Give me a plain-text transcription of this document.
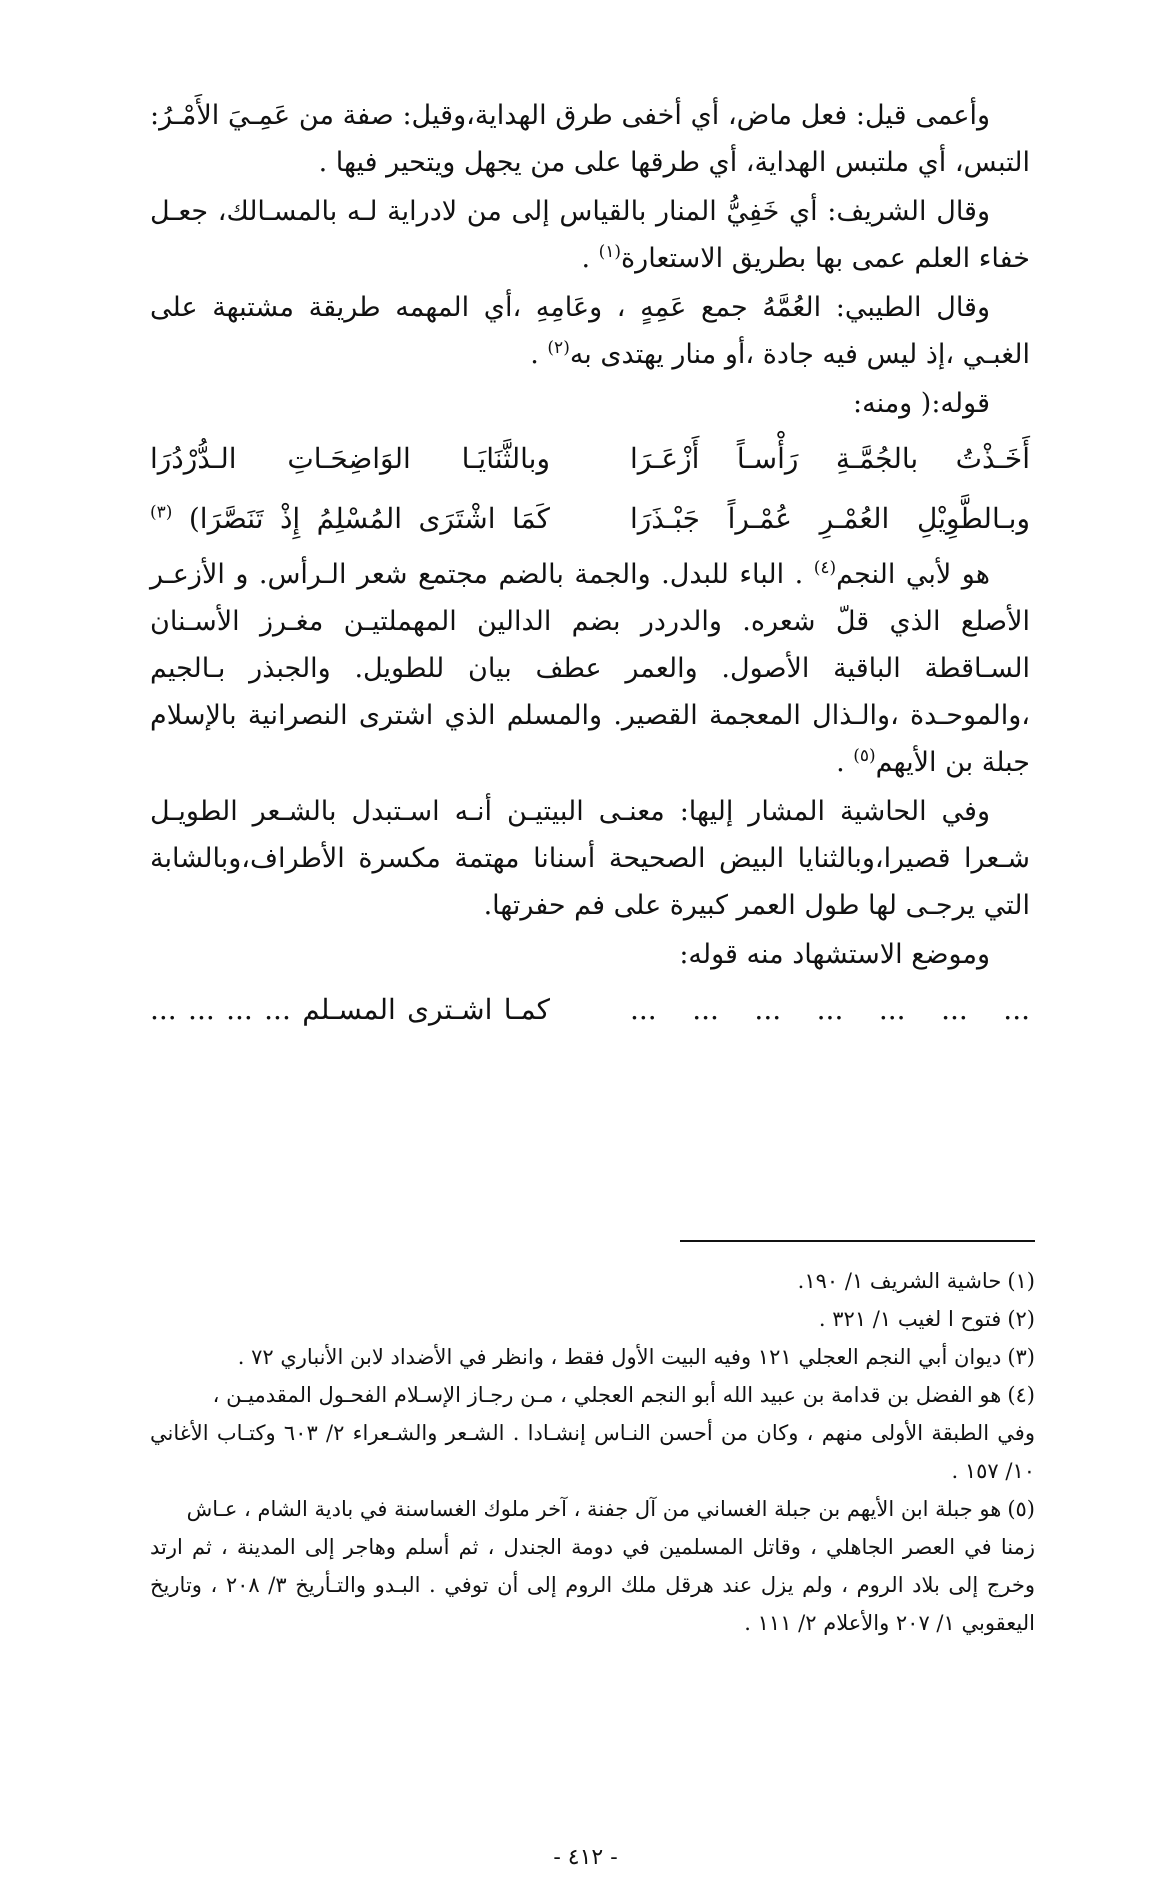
وأعمى قيل: فعل ماض، أي أخفى طرق الهداية،وقيل: صفة من عَمِـيَ الأَمْـرُ: التبس، أي ملتبس الهداية، أي طرقها على من يجهل ويتحير فيها .

وقال الشريف: أي خَفِيُّ المنار بالقياس إلى من لادراية لـه بالمسـالك، جعـل خفاء العلم عمى بها بطريق الاستعارة$^{(١)}$ .

وقال الطيبي: العُمَّهُ جمع عَمِهٍ ، وعَامِهِ ،أي المهمه طريقة مشتبهة على الغبـي ،إذ ليس فيه جادة ،أو منار يهتدى به$^{(٢)}$ .

قوله:( ومنه:

أَخَـذْتُ بالجُمَّـةِ رَأْسـاً أَزْعَـرَا
وبالثَّنَايَـا الوَاضِحَـاتِ الـدُّرْدُرَا
وبـالطَّوِيْلِ العُمْـرِ عُمْـراً جَبْـذَرَا
كَمَا اشْتَرَى المُسْلِمُ إِذْ تَنَصَّرَا) $^{(٣)}$

هو لأبي النجم$^{(٤)}$ . الباء للبدل. والجمة بالضم مجتمع شعر الـرأس. و الأزعـر الأصلع الذي قلّ شعره. والدردر بضم الدالين المهملتيـن مغـرز الأسـنان السـاقطة الباقية الأصول. والعمر عطف بيان للطويل. والجبذر بـالجيم ،والموحـدة ،والـذال المعجمة القصير. والمسلم الذي اشترى النصرانية بالإسلام جبلة بن الأيهم$^{(٥)}$ .

وفي الحاشية المشار إليها: معنـى البيتيـن أنـه اسـتبدل بالشـعر الطويـل شـعرا قصيرا،وبالثنايا البيض الصحيحة أسنانا مهتمة مكسرة الأطراف،وبالشابة التي يرجـى لها طول العمر كبيرة على فم حفرتها.

وموضع الاستشهاد منه قوله:

... ... ... ... ... ... ...
كمـا اشـترى المسـلم ... ... ... ...

(١)حاشية الشريف ١/ ١٩٠.

(٢)فتوح ا لغيب ١/ ٣٢١ .

(٣)ديوان أبي النجم العجلي ١٢١ وفيه البيت الأول فقط ، وانظر في الأضداد لابن الأنباري ٧٢ .

(٤)هو الفضل بن قدامة بن عبيد الله أبو النجم العجلي ، مـن رجـاز الإسـلام الفحـول المقدميـن ،

وفي الطبقة الأولى منهم ، وكان من أحسن النـاس إنشـادا . الشـعر والشـعراء ٢/ ٦٠٣ وكتـاب الأغاني ١٠/ ١٥٧ .

(٥)هو جبلة ابن الأيهم بن جبلة الغساني من آل جفنة ، آخر ملوك الغساسنة في بادية الشام ، عـاش

زمنا في العصر الجاهلي ، وقاتل المسلمين في دومة الجندل ، ثم أسلم وهاجر إلى المدينة ، ثم ارتد وخرج إلى بلاد الروم ، ولم يزل عند هرقل ملك الروم إلى أن توفي . البـدو والتـأريخ ٣/ ٢٠٨ ، وتاريخ اليعقوبي ١/ ٢٠٧ والأعلام ٢/ ١١١ .

- ٤١٢ -
